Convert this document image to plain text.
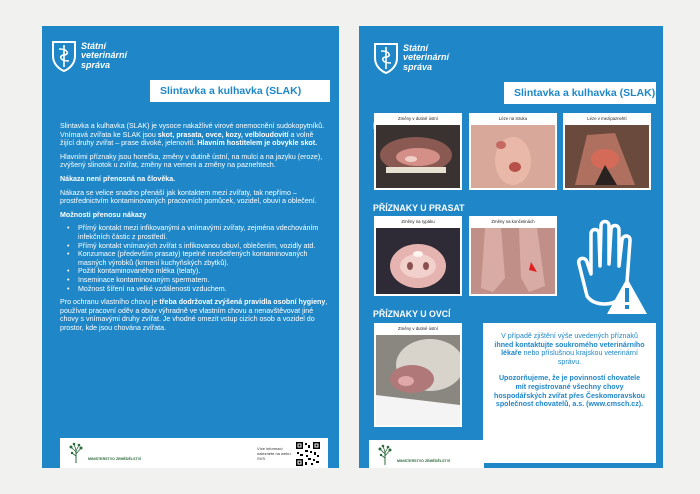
Státní
veterinární
správa
Slintavka a kulhavka (SLAK)

Slintavka a kulhavka (SLAK) je vysoce nakažlivé virové onemocnění sudokopytníků. Vnímavá zvířata ke SLAK jsou skot, prasata, ovce, kozy, velbloudovití a volně žijící druhy zvířat – prase divoké, jelenovití. Hlavním hostitelem je obvykle skot.

Hlavními příznaky jsou horečka, změny v dutině ústní, na mulci a na jazyku (eroze), zvýšený slinotok u zvířat, změny na vemeni a změny na paznehtech.

Nákaza není přenosná na člověka.

Nákaza se velice snadno přenáší jak kontaktem mezi zvířaty, tak nepřímo – prostřednictvím kontaminovaných pracovních pomůcek, vozidel, obuvi a oblečení.

Možnosti přenosu nákazy

• Přímý kontakt mezi infikovanými a vnímavými zvířaty, zejména vdechováním infekčních částic z prostředí.
• Přímý kontakt vnímavých zvířat s infikovanou obuví, oblečením, vozidly atd.
• Konzumace (především prasaty) tepelně neošetřených kontaminovaných masných výrobků (krmení kuchyňských zbytků).
• Požití kontaminovaného mléka (telaty).
• Inseminace kontaminovaným spermatem.
• Možnost šíření na velké vzdálenosti vzduchem.

Pro ochranu vlastního chovu je třeba dodržovat zvýšená pravidla osobní hygieny, používat pracovní oděv a obuv výhradně ve vlastním chovu a nenavštěvovat jiné chovy s vnímavými druhy zvířat. Je vhodné omezit vstup cizích osob a vozidel do prostor, kde jsou chována zvířata.

MINISTERSTVO ZEMĚDĚLSTVÍ
Více informací naleznete na webu SVS
Státní
veterinární
správa
Slintavka a kulhavka (SLAK)
Změny v dutině ústní	Léze na struku	Léze v mezipaznehtí
PŘÍZNAKY U PRASAT
Změny na rypáku	Změny na končetinách
PŘÍZNAKY U OVCÍ
Změny v dutině ústní

V případě zjištění výše uvedených příznaků ihned kontaktujte soukromého veterinárního lékaře nebo příslušnou krajskou veterinární správu.

Upozorňujeme, že je povinností chovatele mít registrované všechny chovy hospodářských zvířat přes Českomoravskou společnost chovatelů, a.s. (www.cmsch.cz).

MINISTERSTVO ZEMĚDĚLSTVÍ
